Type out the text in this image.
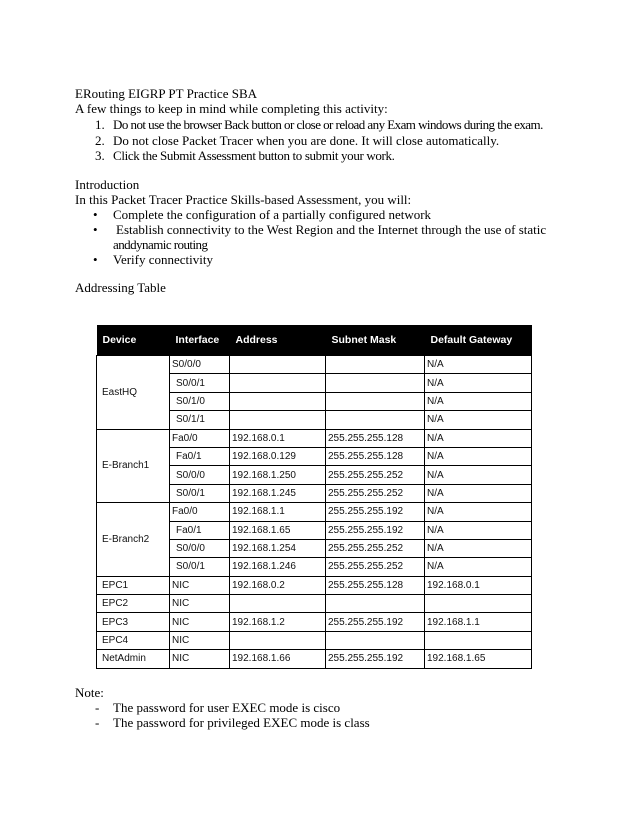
ERouting EIGRP PT Practice SBA
A few things to keep in mind while completing this activity:
1. Do not use the browser Back button or close or reload any Exam windows during the exam.
2. Do not close Packet Tracer when you are done. It will close automatically.
3. Click the Submit Assessment button to submit your work.
Introduction
In this Packet Tracer Practice Skills-based Assessment, you will:
• Complete the configuration of a partially configured network
• Establish connectivity to the West Region and the Internet through the use of static
anddynamic routing
• Verify connectivity
Addressing Table
Device	Interface	Address	Subnet Mask	Default Gateway
EastHQ	S0/0/0			N/A
	S0/0/1			N/A
	S0/1/0			N/A
	S0/1/1			N/A
E-Branch1	Fa0/0	192.168.0.1	255.255.255.128	N/A
	Fa0/1	192.168.0.129	255.255.255.128	N/A
	S0/0/0	192.168.1.250	255.255.255.252	N/A
	S0/0/1	192.168.1.245	255.255.255.252	N/A
E-Branch2	Fa0/0	192.168.1.1	255.255.255.192	N/A
	Fa0/1	192.168.1.65	255.255.255.192	N/A
	S0/0/0	192.168.1.254	255.255.255.252	N/A
	S0/0/1	192.168.1.246	255.255.255.252	N/A
EPC1	NIC	192.168.0.2	255.255.255.128	192.168.0.1
EPC2	NIC			
EPC3	NIC	192.168.1.2	255.255.255.192	192.168.1.1
EPC4	NIC			
NetAdmin	NIC	192.168.1.66	255.255.255.192	192.168.1.65
Note:
- The password for user EXEC mode is cisco
- The password for privileged EXEC mode is class
